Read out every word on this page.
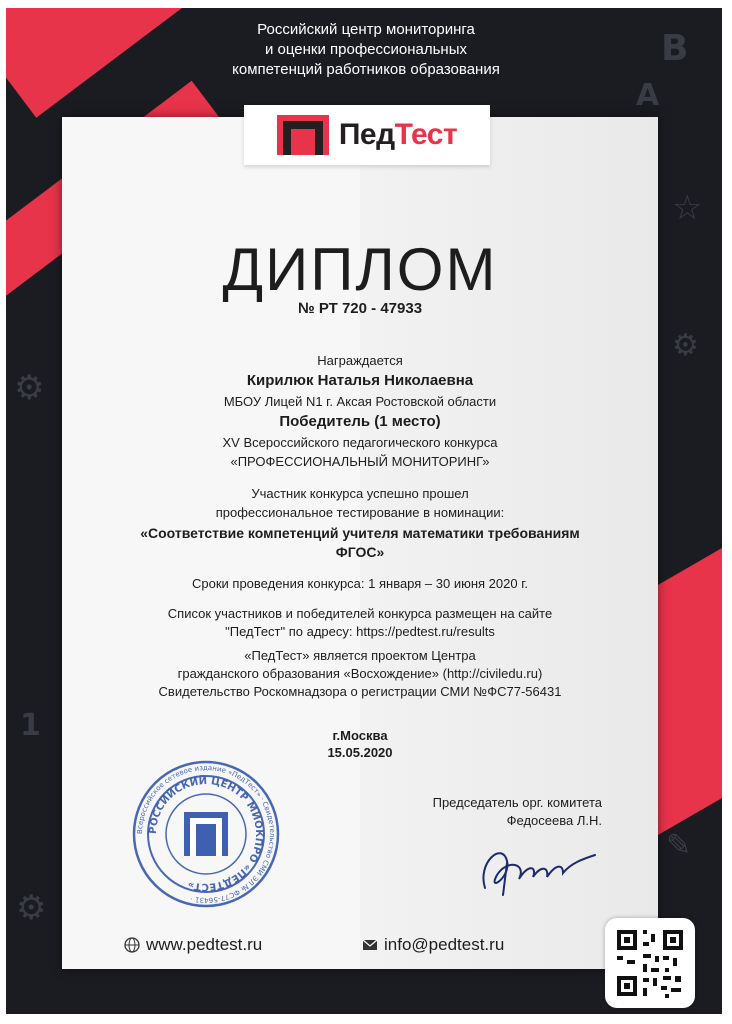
B
A
☆
⚙
⚙
1
⚙
✎
Российский центр мониторинга
и оценки профессиональных
компетенций работников образования
ПедТест
ДИПЛОМ
№ РТ 720 - 47933
Награждается
Кирилюк Наталья Николаевна
МБОУ Лицей N1 г. Аксая Ростовской области
Победитель (1 место)
XV Всероссийского педагогического конкурса
«ПРОФЕССИОНАЛЬНЫЙ МОНИТОРИНГ»
Участник конкурса успешно прошел
профессиональное тестирование в номинации:
«Соответствие компетенций учителя математики требованиям
ФГОС»
Сроки проведения конкурса: 1 января – 30 июня 2020 г.
Список участников и победителей конкурса размещен на сайте
"ПедТест" по адресу: https://pedtest.ru/results
«ПедТест» является проектом Центра
гражданского образования «Восхождение» (http://civiledu.ru)
Свидетельство Роскомнадзора о регистрации СМИ №ФС77-56431
г.Москва
15.05.2020
Всероссийское сетевое издание «ПедТест» · Свидетельство СМИ ЭЛ № ФС77-56431 ·
РОССИЙСКИЙ ЦЕНТР МИОКПРО «ПЕДТЕСТ»
Председатель орг. комитета
Федосеева Л.Н.
www.pedtest.ru	info@pedtest.ru
